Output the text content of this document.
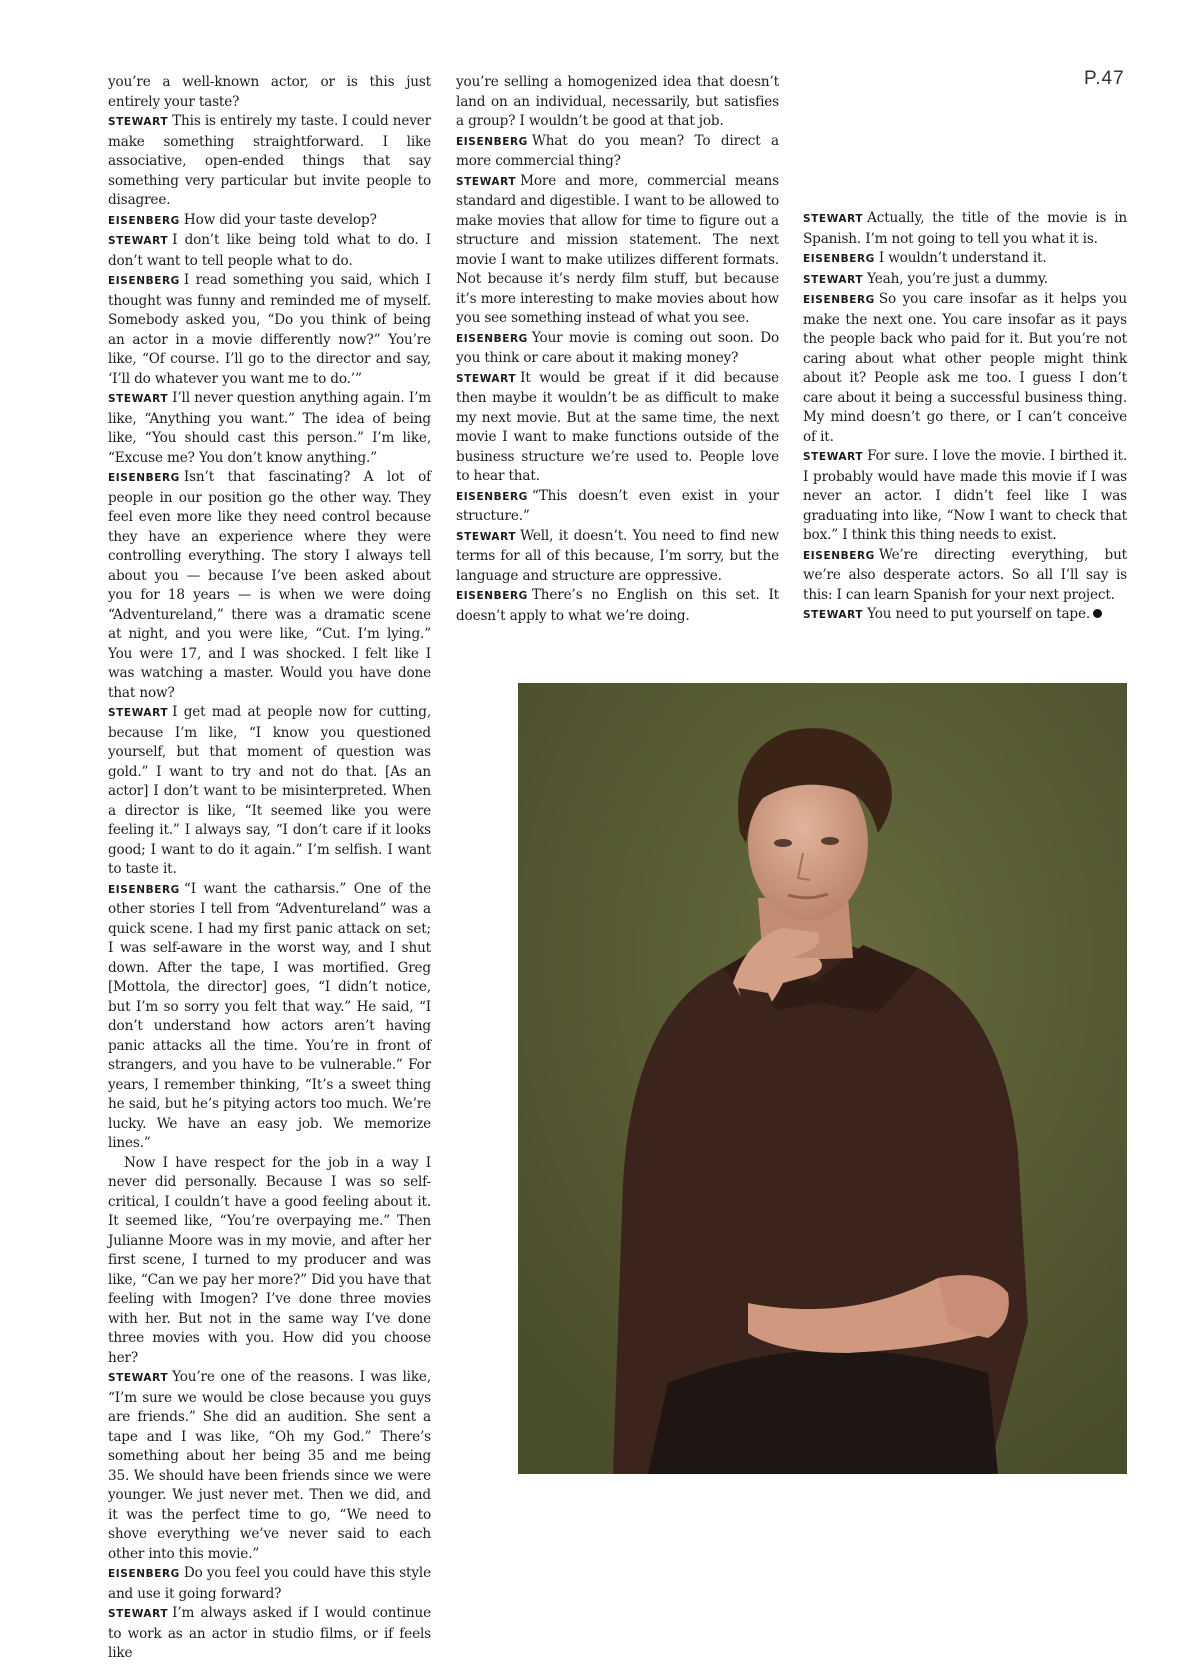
P.47

you’re a well-known actor, or is this just entirely your taste?

STEWART This is entirely my taste. I could never make something straightforward. I like associative, open-ended things that say something very particular but invite people to disagree.

EISENBERG How did your taste develop?

STEWART I don’t like being told what to do. I don’t want to tell people what to do.

EISENBERG I read something you said, which I thought was funny and reminded me of myself. Somebody asked you, “Do you think of being an actor in a movie differently now?” You’re like, “Of course. I’ll go to the director and say, ‘I’ll do whatever you want me to do.’”

STEWART I’ll never question anything again. I’m like, “Anything you want.” The idea of being like, “You should cast this person.” I’m like, “Excuse me? You don’t know anything.”

EISENBERG Isn’t that fascinating? A lot of people in our position go the other way. They feel even more like they need control because they have an experience where they were controlling everything. The story I always tell about you — because I’ve been asked about you for 18 years — is when we were doing “Adventureland,” there was a dramatic scene at night, and you were like, “Cut. I’m lying.” You were 17, and I was shocked. I felt like I was watching a master. Would you have done that now?

STEWART I get mad at people now for cutting, because I’m like, “I know you questioned yourself, but that moment of question was gold.” I want to try and not do that. [As an actor] I don’t want to be misinterpreted. When a director is like, “It seemed like you were feeling it.” I always say, “I don’t care if it looks good; I want to do it again.” I’m selfish. I want to taste it.

EISENBERG “I want the catharsis.” One of the other stories I tell from “Adventureland” was a quick scene. I had my first panic attack on set; I was self-aware in the worst way, and I shut down. After the tape, I was mortified. Greg [Mottola, the director] goes, “I didn’t notice, but I’m so sorry you felt that way.” He said, “I don’t understand how actors aren’t having panic attacks all the time. You’re in front of strangers, and you have to be vulnerable.” For years, I remember thinking, “It’s a sweet thing he said, but he’s pitying actors too much. We’re lucky. We have an easy job. We memorize lines.”

Now I have respect for the job in a way I never did personally. Because I was so self-critical, I couldn’t have a good feeling about it. It seemed like, “You’re overpaying me.” Then Julianne Moore was in my movie, and after her first scene, I turned to my producer and was like, “Can we pay her more?” Did you have that feeling with Imogen? I’ve done three movies with her. But not in the same way I’ve done three movies with you. How did you choose her?

STEWART You’re one of the reasons. I was like, “I’m sure we would be close because you guys are friends.” She did an audition. She sent a tape and I was like, “Oh my God.” There’s something about her being 35 and me being 35. We should have been friends since we were younger. We just never met. Then we did, and it was the perfect time to go, “We need to shove everything we’ve never said to each other into this movie.”

EISENBERG Do you feel you could have this style and use it going forward?

STEWART I’m always asked if I would continue to work as an actor in studio films, or if feels like

you’re selling a homogenized idea that doesn’t land on an individual, necessarily, but satisfies a group? I wouldn’t be good at that job.

EISENBERG What do you mean? To direct a more commercial thing?

STEWART More and more, commercial means standard and digestible. I want to be allowed to make movies that allow for time to figure out a structure and mission statement. The next movie I want to make utilizes different formats. Not because it’s nerdy film stuff, but because it’s more interesting to make movies about how you see something instead of what you see.

EISENBERG Your movie is coming out soon. Do you think or care about it making money?

STEWART It would be great if it did because then maybe it wouldn’t be as difficult to make my next movie. But at the same time, the next movie I want to make functions outside of the business structure we’re used to. People love to hear that.

EISENBERG “This doesn’t even exist in your structure.”

STEWART Well, it doesn’t. You need to find new terms for all of this because, I’m sorry, but the language and structure are oppressive.

EISENBERG There’s no English on this set. It doesn’t apply to what we’re doing.

STEWART Actually, the title of the movie is in Spanish. I’m not going to tell you what it is.

EISENBERG I wouldn’t understand it.

STEWART Yeah, you’re just a dummy.

EISENBERG So you care insofar as it helps you make the next one. You care insofar as it pays the people back who paid for it. But you’re not caring about what other people might think about it? People ask me too. I guess I don’t care about it being a successful business thing. My mind doesn’t go there, or I can’t conceive of it.

STEWART For sure. I love the movie. I birthed it. I probably would have made this movie if I was never an actor. I didn’t feel like I was graduating into like, “Now I want to check that box.” I think this thing needs to exist.

EISENBERG We’re directing everything, but we’re also desperate actors. So all I’ll say is this: I can learn Spanish for your next project.

STEWART You need to put yourself on tape.
